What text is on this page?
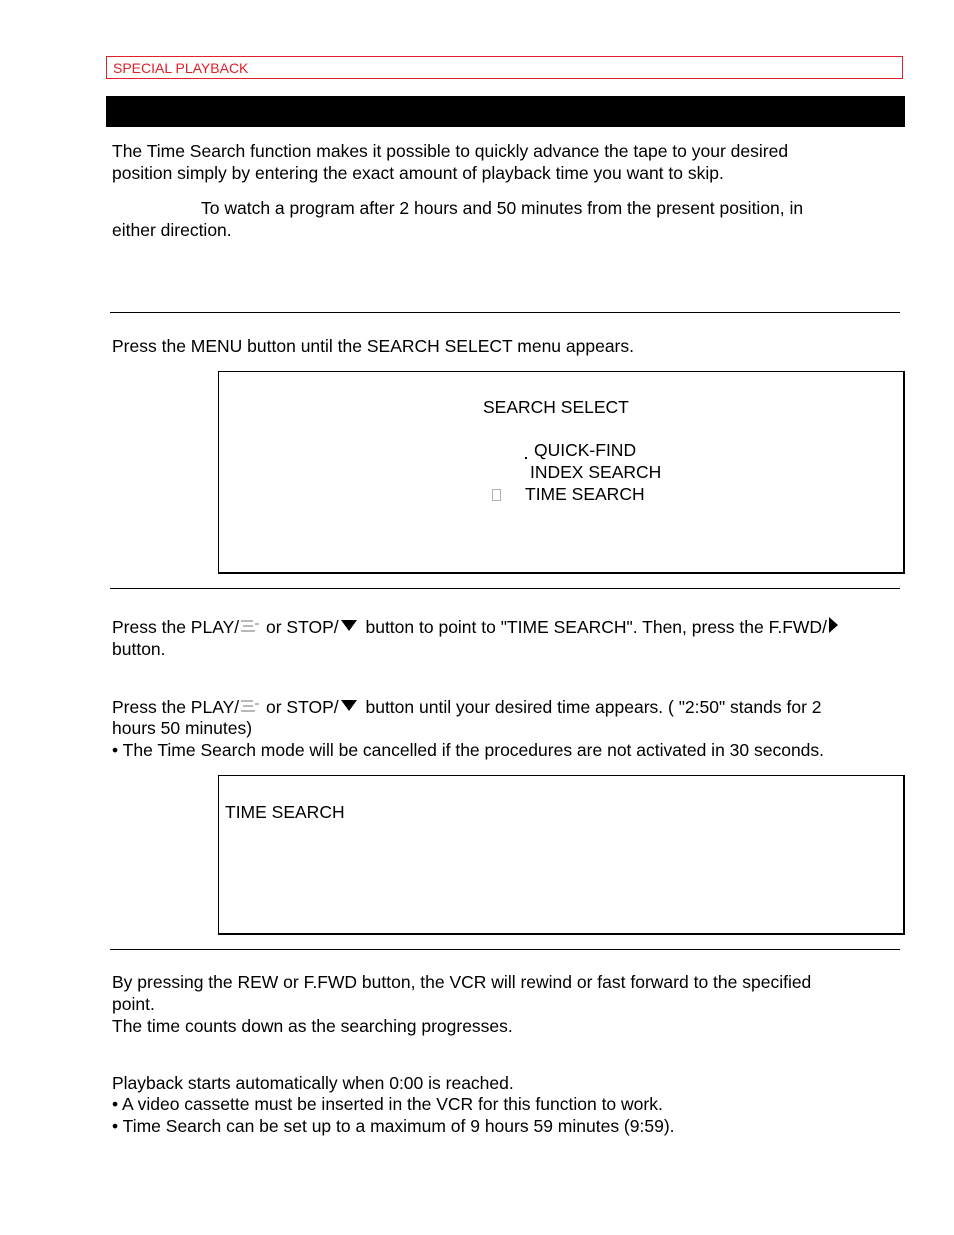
SPECIAL PLAYBACK
The Time Search function makes it possible to quickly advance the tape to your desired
position simply by entering the exact amount of playback time you want to skip.
To watch a program after 2 hours and 50 minutes from the present position, in
either direction.
Press the MENU button until the SEARCH SELECT menu appears.
SEARCH SELECT
QUICK-FIND
INDEX SEARCH
TIME SEARCH
Press the PLAY/ or STOP/ button to point to "TIME SEARCH". Then, press the F.FWD/
button.
Press the PLAY/ or STOP/ button until your desired time appears. ( "2:50" stands for 2
hours 50 minutes)
• The Time Search mode will be cancelled if the procedures are not activated in 30 seconds.
TIME SEARCH
By pressing the REW or F.FWD button, the VCR will rewind or fast forward to the specified
point.
The time counts down as the searching progresses.
Playback starts automatically when 0:00 is reached.
• A video cassette must be inserted in the VCR for this function to work.
• Time Search can be set up to a maximum of 9 hours 59 minutes (9:59).
